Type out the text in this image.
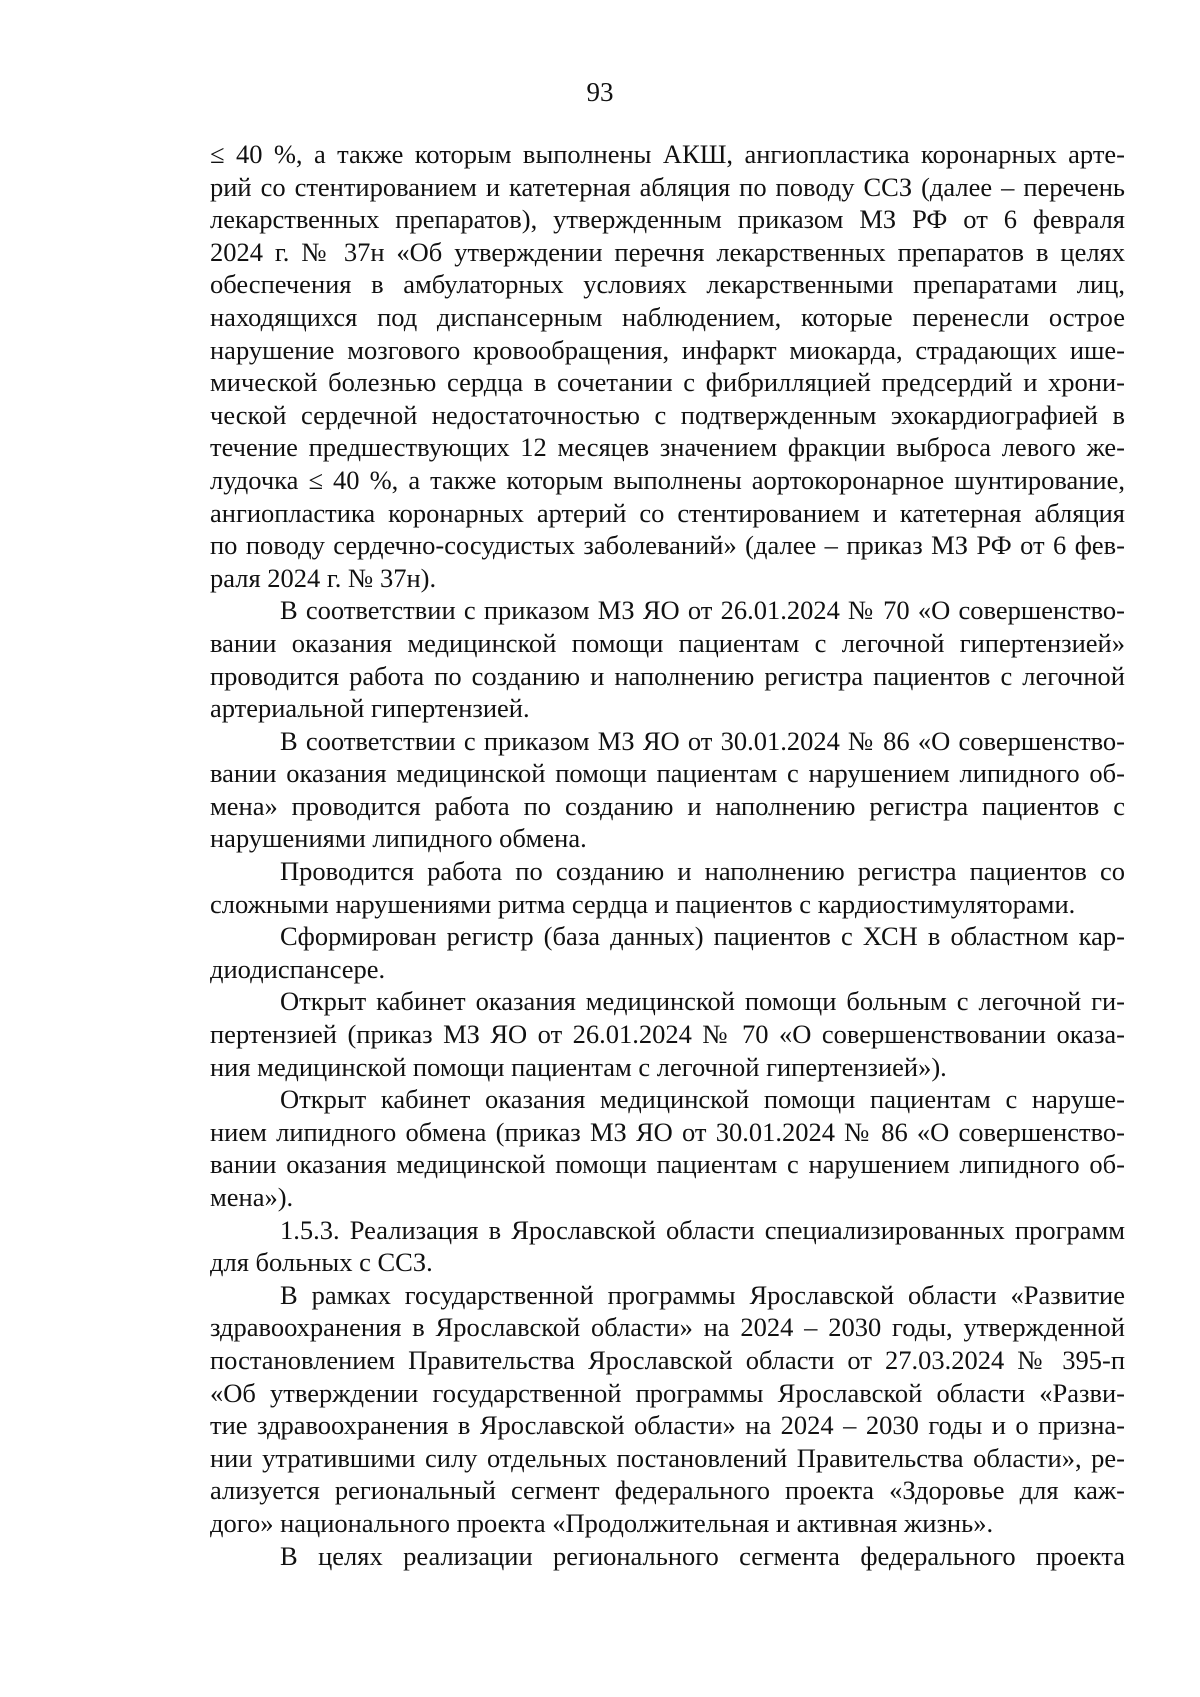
93
≤ 40 %, а также которым выполнены АКШ, ангиопластика коронарных арте-
рий со стентированием и катетерная абляция по поводу ССЗ (далее – перечень
лекарственных препаратов), утвержденным приказом МЗ РФ от 6 февраля
2024 г. № 37н «Об утверждении перечня лекарственных препаратов в целях
обеспечения в амбулаторных условиях лекарственными препаратами лиц,
находящихся под диспансерным наблюдением, которые перенесли острое
нарушение мозгового кровообращения, инфаркт миокарда, страдающих ише-
мической болезнью сердца в сочетании с фибрилляцией предсердий и хрони-
ческой сердечной недостаточностью с подтвержденным эхокардиографией в
течение предшествующих 12 месяцев значением фракции выброса левого же-
лудочка ≤ 40 %, а также которым выполнены аортокоронарное шунтирование,
ангиопластика коронарных артерий со стентированием и катетерная абляция
по поводу сердечно-сосудистых заболеваний» (далее – приказ МЗ РФ от 6 фев-
раля 2024 г. № 37н).
В соответствии с приказом МЗ ЯО от 26.01.2024 № 70 «О совершенство-
вании оказания медицинской помощи пациентам с легочной гипертензией»
проводится работа по созданию и наполнению регистра пациентов с легочной
артериальной гипертензией.
В соответствии с приказом МЗ ЯО от 30.01.2024 № 86 «О совершенство-
вании оказания медицинской помощи пациентам с нарушением липидного об-
мена» проводится работа по созданию и наполнению регистра пациентов с
нарушениями липидного обмена.
Проводится работа по созданию и наполнению регистра пациентов со
сложными нарушениями ритма сердца и пациентов с кардиостимуляторами.
Сформирован регистр (база данных) пациентов с ХСН в областном кар-
диодиспансере.
Открыт кабинет оказания медицинской помощи больным с легочной ги-
пертензией (приказ МЗ ЯО от 26.01.2024 № 70 «О совершенствовании оказа-
ния медицинской помощи пациентам с легочной гипертензией»).
Открыт кабинет оказания медицинской помощи пациентам с наруше-
нием липидного обмена (приказ МЗ ЯО от 30.01.2024 № 86 «О совершенство-
вании оказания медицинской помощи пациентам с нарушением липидного об-
мена»).
1.5.3. Реализация в Ярославской области специализированных программ
для больных с ССЗ.
В рамках государственной программы Ярославской области «Развитие
здравоохранения в Ярославской области» на 2024 – 2030 годы, утвержденной
постановлением Правительства Ярославской области от 27.03.2024 № 395-п
«Об утверждении государственной программы Ярославской области «Разви-
тие здравоохранения в Ярославской области» на 2024 – 2030 годы и о призна-
нии утратившими силу отдельных постановлений Правительства области», ре-
ализуется региональный сегмент федерального проекта «Здоровье для каж-
дого» национального проекта «Продолжительная и активная жизнь».
В целях реализации регионального сегмента федерального проекта
